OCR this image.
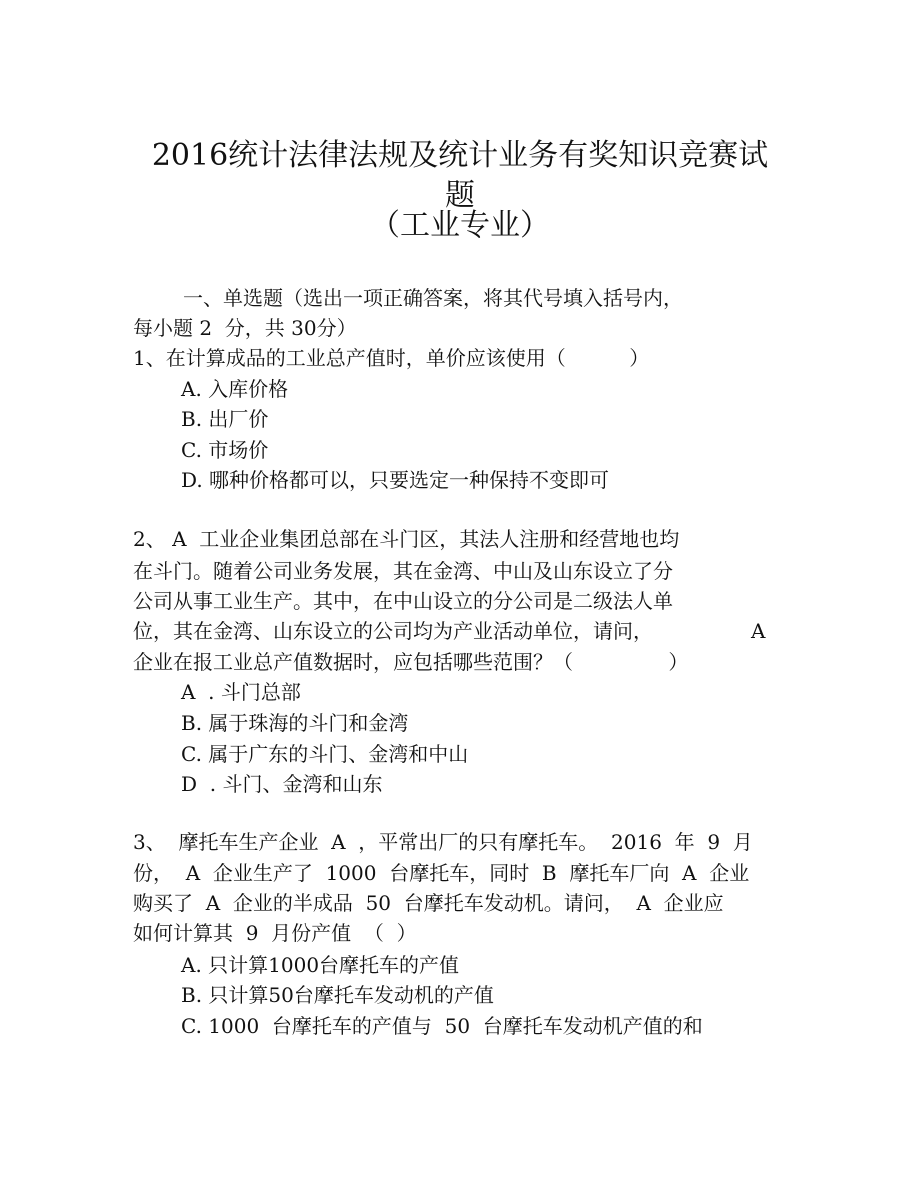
2016统计法律法规及统计业务有奖知识竞赛试
题
（工业专业）
一、单选题（选出一项正确答案，将其代号填入括号内，
每小题 2  分，共 30分）
1、在计算成品的工业总产值时，单价应该使用（          ）
A. 入库价格
B. 出厂价
C. 市场价
D. 哪种价格都可以，只要选定一种保持不变即可
2、 A  工业企业集团总部在斗门区，其法人注册和经营地也均
在斗门。随着公司业务发展，其在金湾、中山及山东设立了分
公司从事工业生产。其中，在中山设立的分公司是二级法人单
位，其在金湾、山东设立的公司均为产业活动单位，请问，	A
企业在报工业总产值数据时，应包括哪些范围？（               ）
A  . 斗门总部
B. 属于珠海的斗门和金湾
C. 属于广东的斗门、金湾和中山
D  . 斗门、金湾和山东
3、  摩托车生产企业  A  ，平常出厂的只有摩托车。  2016  年  9  月
份，  A  企业生产了  1000  台摩托车，同时  B  摩托车厂向  A  企业
购买了  A  企业的半成品  50  台摩托车发动机。请问，  A  企业应
如何计算其  9  月份产值  （  ）
A. 只计算1000台摩托车的产值
B. 只计算50台摩托车发动机的产值
C. 1000  台摩托车的产值与  50  台摩托车发动机产值的和
